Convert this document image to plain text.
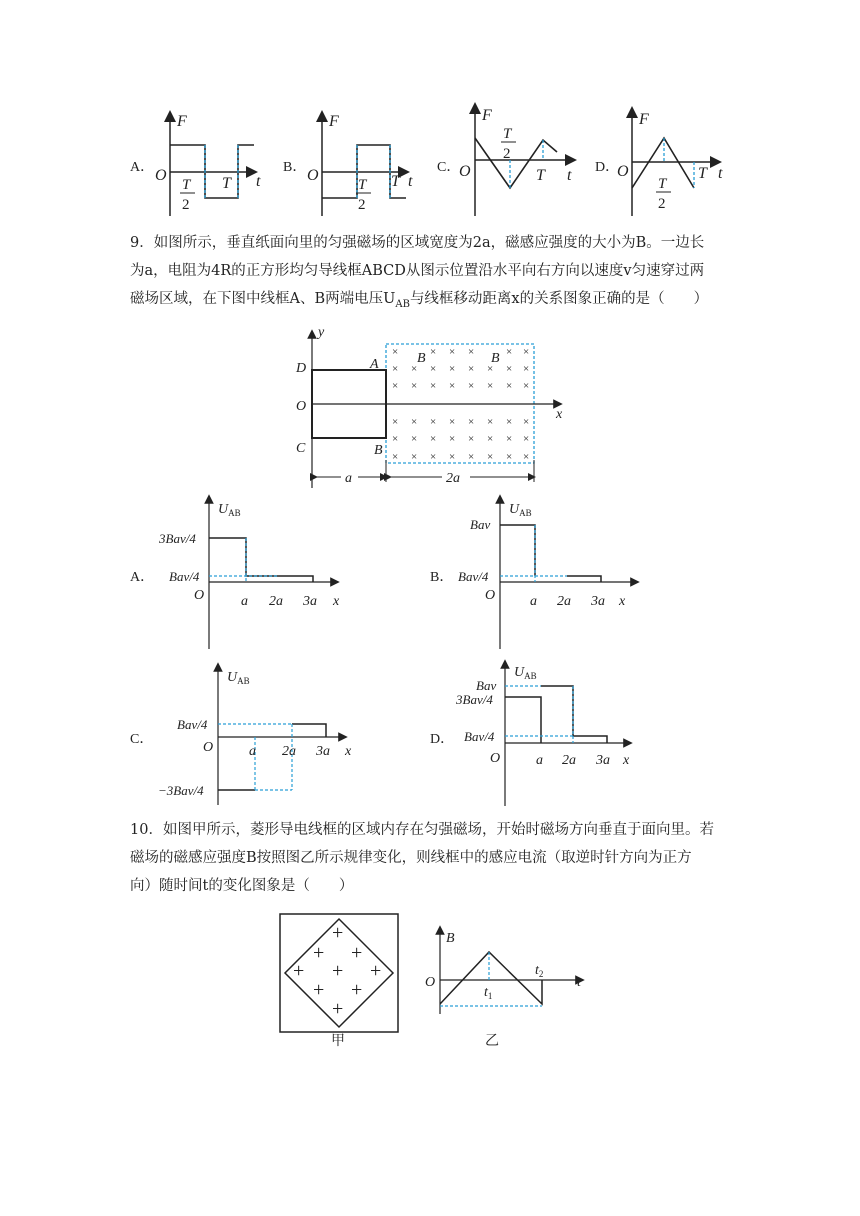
A．
F
t
O
T
2
T
B．
F
t
O
T
2
T
C．
F
t
O
T
2
T	D．
F
t
O
T
2
T

9．如图所示，垂直纸面向里的匀强磁场的区域宽度为2a，磁感应强度的大小为B。一边长

为a，电阻为4R的正方形均匀导线框ABCD从图示位置沿水平向右方向以速度v匀速穿过两

磁场区域，在下图中线框A、B两端电压$U_{AB}$与线框移动距离x的关系图象正确的是（　　）

×
×
×
×
×
×
×
×
×
×
×
×
×
×
×
×
×
×
×
×
×
×
×
×
×
×
×
×
×
×
×
×
×
×
×
×
×
×
×
×
×
×
×
×
×
×
y
x
O
D	A
C	B
B	B
a	2a
A．
$U_{AB}$
x
O
3Bav/4
Bav/4
a 2a 3a
B．
$U_{AB}$
x
O
Bav
Bav/4
a 2a 3a
C．
$U_{AB}$
x
O
Bav/4
−3Bav/4
a 2a 3a
D．
$U_{AB}$
x
O
Bav
3Bav/4
Bav/4
a 2a 3a

10．如图甲所示，菱形导电线框的区域内存在匀强磁场，开始时磁场方向垂直于面向里。若

磁场的磁感应强度B按照图乙所示规律变化，则线框中的感应电流（取逆时针方向为正方

向）随时间t的变化图象是（　　）

+
+ +
+ + +
+ +
+
甲
B
t
O
$t_1$
$t_2$
乙
